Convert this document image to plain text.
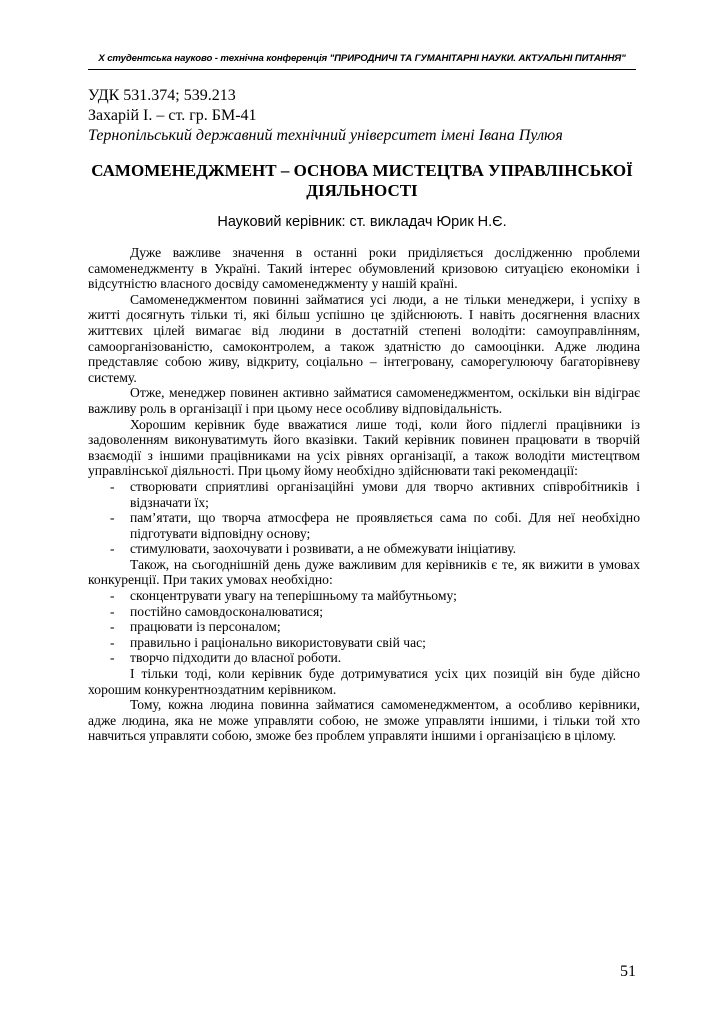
Х студентська науково - технічна конференція "ПРИРОДНИЧІ ТА ГУМАНІТАРНІ НАУКИ. АКТУАЛЬНІ ПИТАННЯ"
УДК 531.374; 539.213
Захарій І. – ст. гр. БМ-41
Тернопільський державний технічний університет імені Івана Пулюя
САМОМЕНЕДЖМЕНТ – ОСНОВА МИСТЕЦТВА УПРАВЛІНСЬКОЇ ДІЯЛЬНОСТІ
Науковий керівник: ст. викладач Юрик Н.Є.

Дуже важливе значення в останні роки приділяється дослідженню проблеми самоменеджменту в Україні. Такий інтерес обумовлений кризовою ситуацією економіки і відсутністю власного досвіду самоменеджменту у нашій країні.

Самоменеджментом повинні займатися усі люди, а не тільки менеджери, і успіху в житті досягнуть тільки ті, які більш успішно це здійснюють. І навіть досягнення власних життєвих цілей вимагає від людини в достатній степені володіти: самоуправлінням, самоорганізованістю, самоконтролем, а також здатністю до самооцінки. Адже людина представляє собою живу, відкриту, соціально – інтегровану, саморегулюючу багаторівневу систему.

Отже, менеджер повинен активно займатися самоменеджментом, оскільки він відіграє важливу роль в організації і при цьому несе особливу відповідальність.

Хорошим керівник буде вважатися лише тоді, коли його підлеглі працівники із задоволенням виконуватимуть його вказівки. Такий керівник повинен працювати в творчій взаємодії з іншими працівниками на усіх рівнях організації, а також володіти мистецтвом управлінської діяльності. При цьому йому необхідно здійснювати такі рекомендації:

- створювати сприятливі організаційні умови для творчо активних співробітників і відзначати їх;
- пам’ятати, що творча атмосфера не проявляється сама по собі. Для неї необхідно підготувати відповідну основу;
- стимулювати, заохочувати і розвивати, а не обмежувати ініціативу.

Також, на сьогоднішній день дуже важливим для керівників є те, як вижити в умовах конкуренції. При таких умовах необхідно:

- сконцентрувати увагу на теперішньому та майбутньому;
- постійно самовдосконалюватися;
- працювати із персоналом;
- правильно і раціонально використовувати свій час;
- творчо підходити до власної роботи.

І тільки тоді, коли керівник буде дотримуватися усіх цих позицій він буде дійсно хорошим конкурентноздатним керівником.

Тому, кожна людина повинна займатися самоменеджментом, а особливо керівники, адже людина, яка не може управляти собою, не зможе управляти іншими, і тільки той хто навчиться управляти собою, зможе без проблем управляти іншими і організацією в цілому.

51
